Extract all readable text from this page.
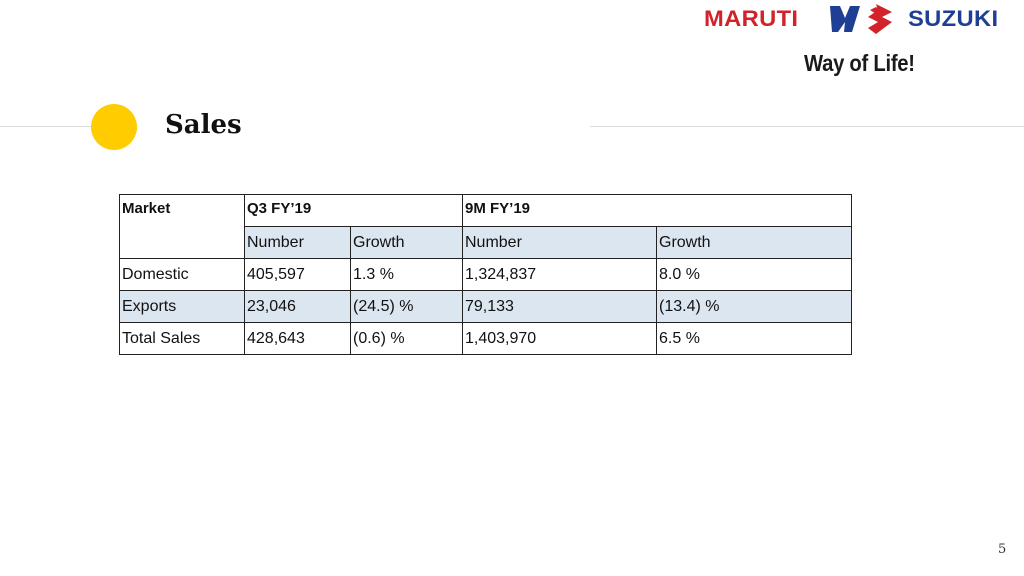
MARUTI	SUZUKI
Way of Life!
Sales
Market	Q3 FY’19		9M FY’19	
	Number	Growth	Number	Growth
Domestic	405,597	1.3 %	1,324,837	8.0 %
Exports	23,046	(24.5) %	79,133	(13.4) %
Total Sales	428,643	(0.6) %	1,403,970	6.5 %
5
